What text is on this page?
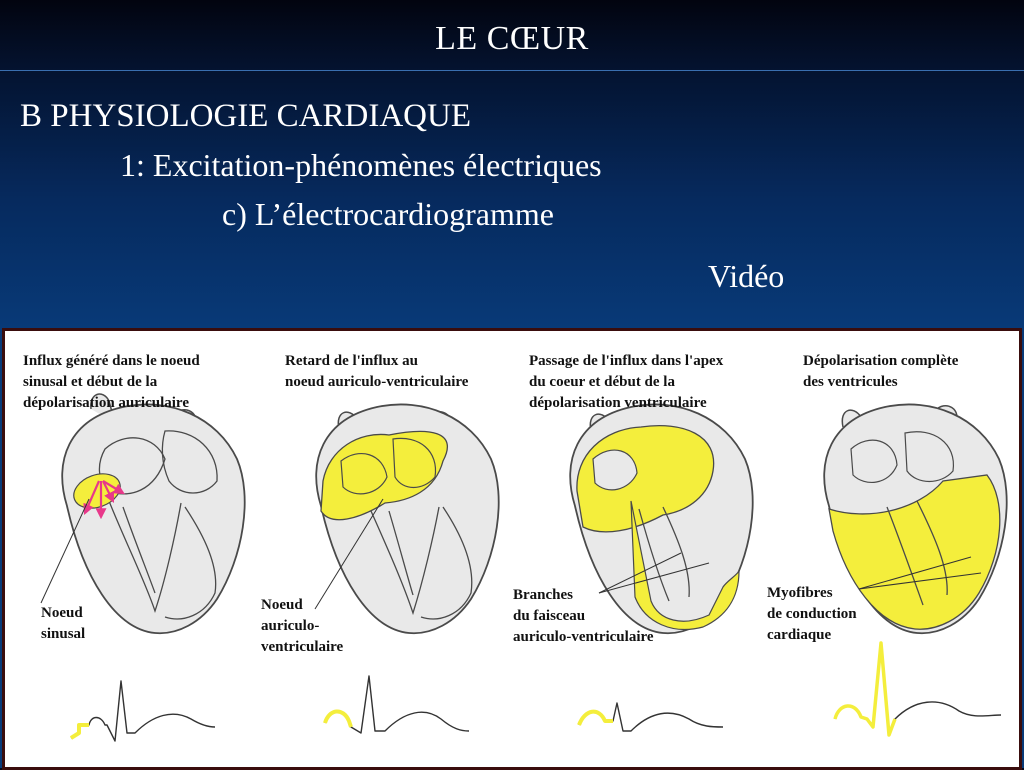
LE CŒUR
B PHYSIOLOGIE CARDIAQUE
1: Excitation-phénomènes électriques
c) L’électrocardiogramme
Vidéo
Influx généré dans le noeud
sinusal et début de la
dépolarisation auriculaire
Retard de l'influx au
noeud auriculo-ventriculaire
Passage de l'influx dans l'apex
du coeur et début de la
dépolarisation ventriculaire
Dépolarisation complète
des ventricules
Noeud
sinusal
Noeud
auriculo-
ventriculaire
Branches
du faisceau
auriculo-ventriculaire
Myofibres
de conduction
cardiaque
